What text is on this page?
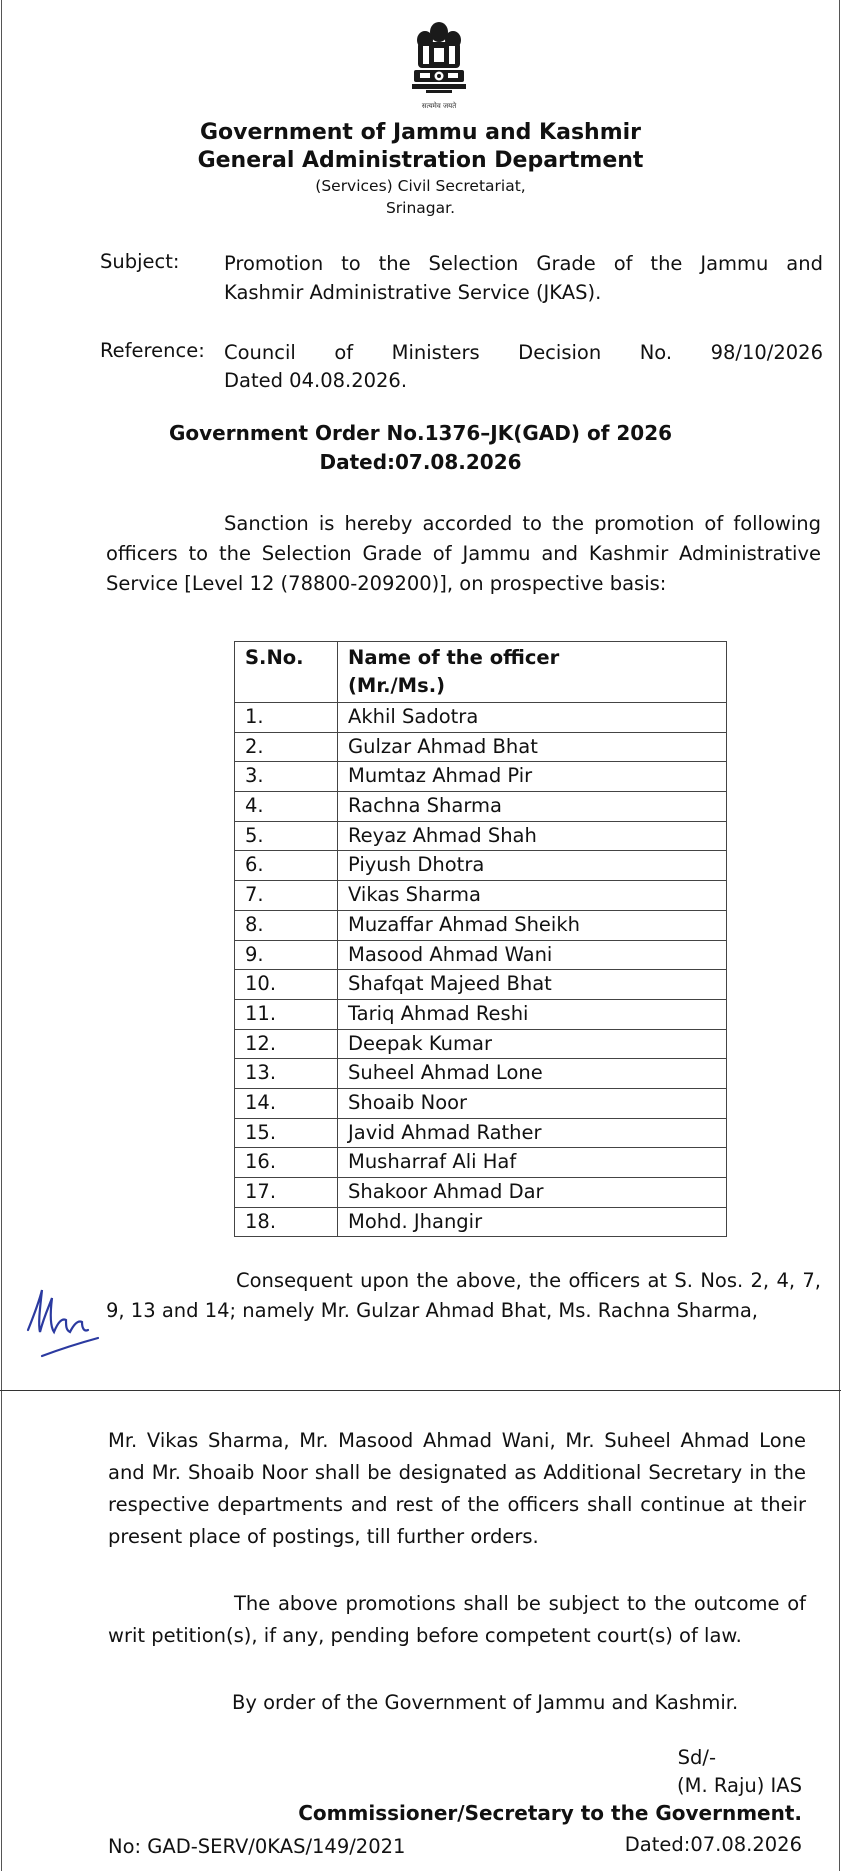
सत्यमेव जयते
Government of Jammu and Kashmir
General Administration Department
(Services) Civil Secretariat,
Srinagar.
Subject: Promotion to the Selection Grade of the Jammu and
Kashmir Administrative Service (JKAS).
Reference: Council of Ministers Decision No. 98/10/2026
Dated 04.08.2026.
Government Order No.1376–JK(GAD) of 2026
Dated:07.08.2026
Sanction is hereby accorded to the promotion of following officers to the Selection Grade of Jammu and Kashmir Administrative Service [Level 12 (78800-209200)], on prospective basis:
S.No.	Name of the officer
(Mr./Ms.)
1.	Akhil Sadotra
2.	Gulzar Ahmad Bhat
3.	Mumtaz Ahmad Pir
4.	Rachna Sharma
5.	Reyaz Ahmad Shah
6.	Piyush Dhotra
7.	Vikas Sharma
8.	Muzaffar Ahmad Sheikh
9.	Masood Ahmad Wani
10.	Shafqat Majeed Bhat
11.	Tariq Ahmad Reshi
12.	Deepak Kumar
13.	Suheel Ahmad Lone
14.	Shoaib Noor
15.	Javid Ahmad Rather
16.	Musharraf Ali Haf
17.	Shakoor Ahmad Dar
18.	Mohd. Jhangir
Consequent upon the above, the officers at S. Nos. 2, 4, 7, 9, 13 and 14; namely Mr. Gulzar Ahmad Bhat, Ms. Rachna Sharma,
Mr. Vikas Sharma, Mr. Masood Ahmad Wani, Mr. Suheel Ahmad Lone and Mr. Shoaib Noor shall be designated as Additional Secretary in the respective departments and rest of the officers shall continue at their present place of postings, till further orders.
The above promotions shall be subject to the outcome of writ petition(s), if any, pending before competent court(s) of law.
By order of the Government of Jammu and Kashmir.
Sd/-
(M. Raju) IAS
Commissioner/Secretary to the Government.
No: GAD-SERV/0KAS/149/2021	Dated:07.08.2026
